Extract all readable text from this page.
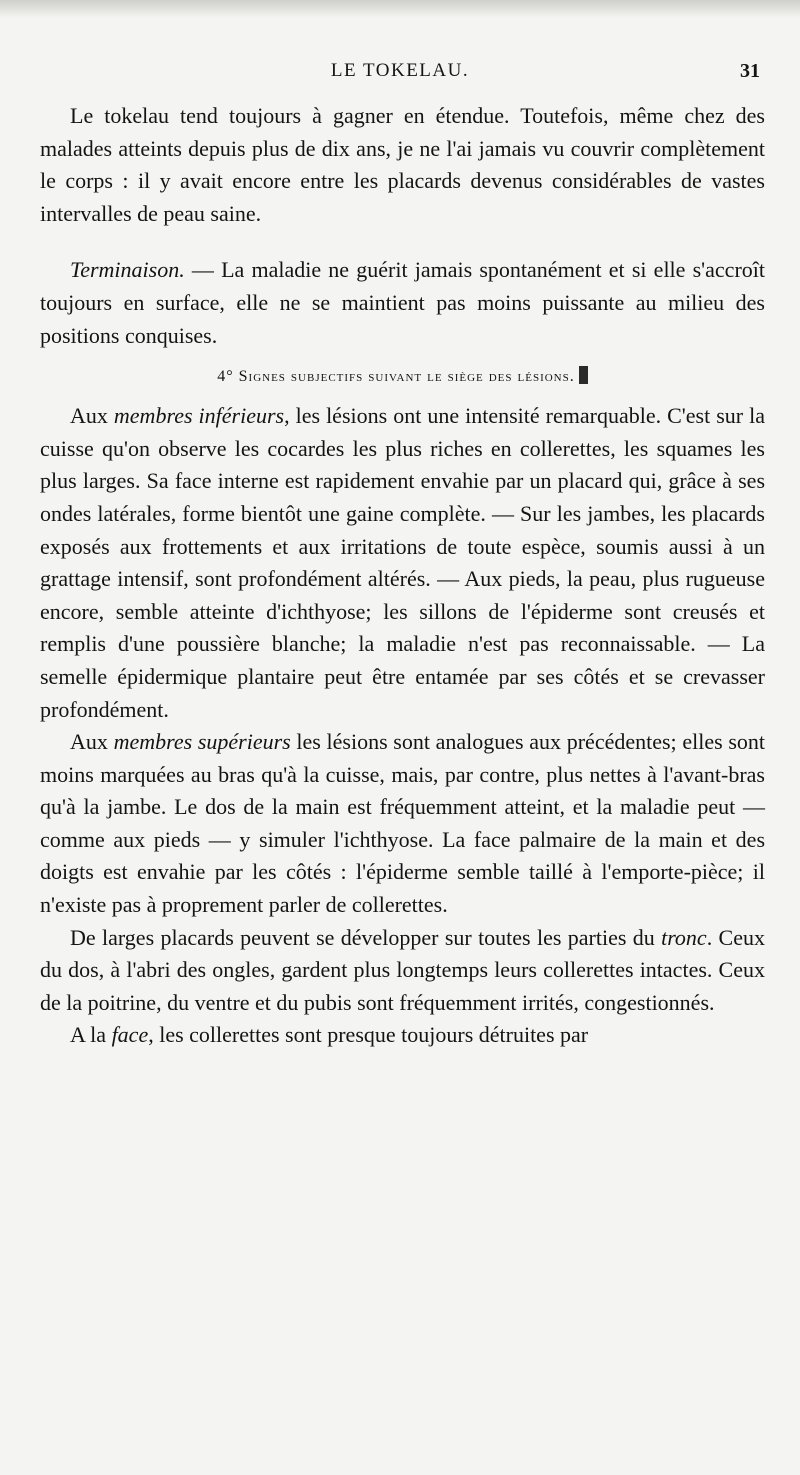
LE TOKELAU.	31

Le tokelau tend toujours à gagner en étendue. Toutefois, même chez des malades atteints depuis plus de dix ans, je ne l'ai jamais vu couvrir complètement le corps : il y avait encore entre les placards devenus considérables de vastes intervalles de peau saine.

Terminaison. — La maladie ne guérit jamais spontanément et si elle s'accroît toujours en surface, elle ne se maintient pas moins puissante au milieu des positions conquises.

4° Signes subjectifs suivant le siège des lésions.

Aux membres inférieurs, les lésions ont une intensité remarquable. C'est sur la cuisse qu'on observe les cocardes les plus riches en collerettes, les squames les plus larges. Sa face interne est rapidement envahie par un placard qui, grâce à ses ondes latérales, forme bientôt une gaine complète. — Sur les jambes, les placards exposés aux frottements et aux irritations de toute espèce, soumis aussi à un grattage intensif, sont profondément altérés. — Aux pieds, la peau, plus rugueuse encore, semble atteinte d'ichthyose; les sillons de l'épiderme sont creusés et remplis d'une poussière blanche; la maladie n'est pas reconnaissable. — La semelle épidermique plantaire peut être entamée par ses côtés et se crevasser profondément.

Aux membres supérieurs les lésions sont analogues aux précédentes; elles sont moins marquées au bras qu'à la cuisse, mais, par contre, plus nettes à l'avant-bras qu'à la jambe. Le dos de la main est fréquemment atteint, et la maladie peut — comme aux pieds — y simuler l'ichthyose. La face palmaire de la main et des doigts est envahie par les côtés : l'épiderme semble taillé à l'emporte-pièce; il n'existe pas à proprement parler de collerettes.

De larges placards peuvent se développer sur toutes les parties du tronc. Ceux du dos, à l'abri des ongles, gardent plus longtemps leurs collerettes intactes. Ceux de la poitrine, du ventre et du pubis sont fréquemment irrités, congestionnés.

A la face, les collerettes sont presque toujours détruites par
